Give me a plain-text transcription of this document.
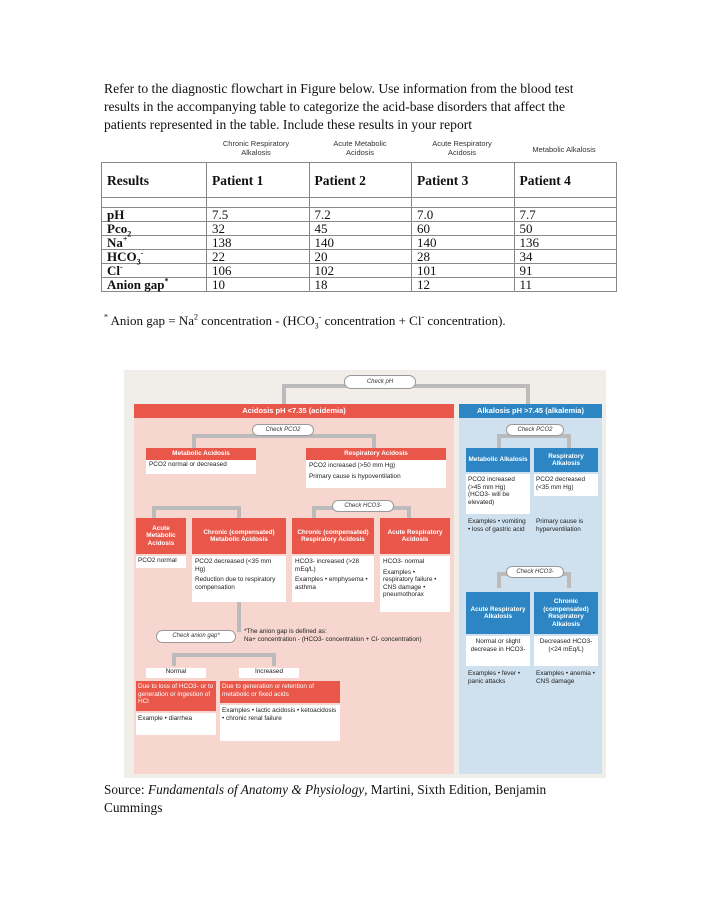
Refer to the diagnostic flowchart in Figure below. Use information from the blood test
results in the accompanying table to categorize the acid-base disorders that affect the
patients represented in the table. Include these results in your report
Chronic Respiratory
Alkalosis
Acute Metabolic
Acidosis
Acute Respiratory
Acidosis	Metabolic Alkalosis
Results	Patient 1	Patient 2	Patient 3	Patient 4

pH	7.5	7.2	7.0	7.7
Pco$_2$	32	45	60	50
Na+	138	140	140	136
$HCO_3^-$	22	20	28	34
Cl-	106	102	101	91
Anion gap*	10	18	12	11
* Anion gap = $Na^2$ concentration - ($HCO_3^-$ concentration + Cl- concentration).
Check pH
Acidosis pH <7.35 (acidemia)	Alkalosis pH >7.45 (alkalemia)
Check PCO2	Check PCO2
Metabolic Acidosis
PCO2 normal or decreased
Respiratory Acidosis
PCO2 increased (>50 mm Hg)
Primary cause is hypoventilation
Check HCO3-
Acute Metabolic Acidosis
PCO2 normal
Chronic (compensated) Metabolic Acidosis
PCO2 decreased (<35 mm Hg)
Reduction due to respiratory compensation
Chronic (compensated) Respiratory Acidosis
HCO3- increased (>28 mEq/L)
Examples • emphysema • asthma
Acute Respiratory Acidosis
HCO3- normal
Examples • respiratory failure • CNS damage • pneumothorax
Check anion gap*
*The anion gap is defined as:
Na+ concentration - (HCO3- concentration + Cl- concentration)
Normal	Increased
Due to loss of HCO3- or to generation or ingestion of HCl
Example • diarrhea
Due to generation or retention of metabolic or fixed acids
Examples • lactic acidosis • ketoacidosis • chronic renal failure
Metabolic Alkalosis
PCO2 increased (>45 mm Hg) (HCO3- will be elevated)
Examples • vomiting • loss of gastric acid
Respiratory Alkalosis
PCO2 decreased (<35 mm Hg)
Primary cause is hyperventilation
Check HCO3-
Acute Respiratory Alkalosis
Normal or slight decrease in HCO3-
Examples • fever • panic attacks
Chronic (compensated) Respiratory Alkalosis
Decreased HCO3- (<24 mEq/L)
Examples • anemia • CNS damage
Source: Fundamentals of Anatomy & Physiology, Martini, Sixth Edition, Benjamin
Cummings
